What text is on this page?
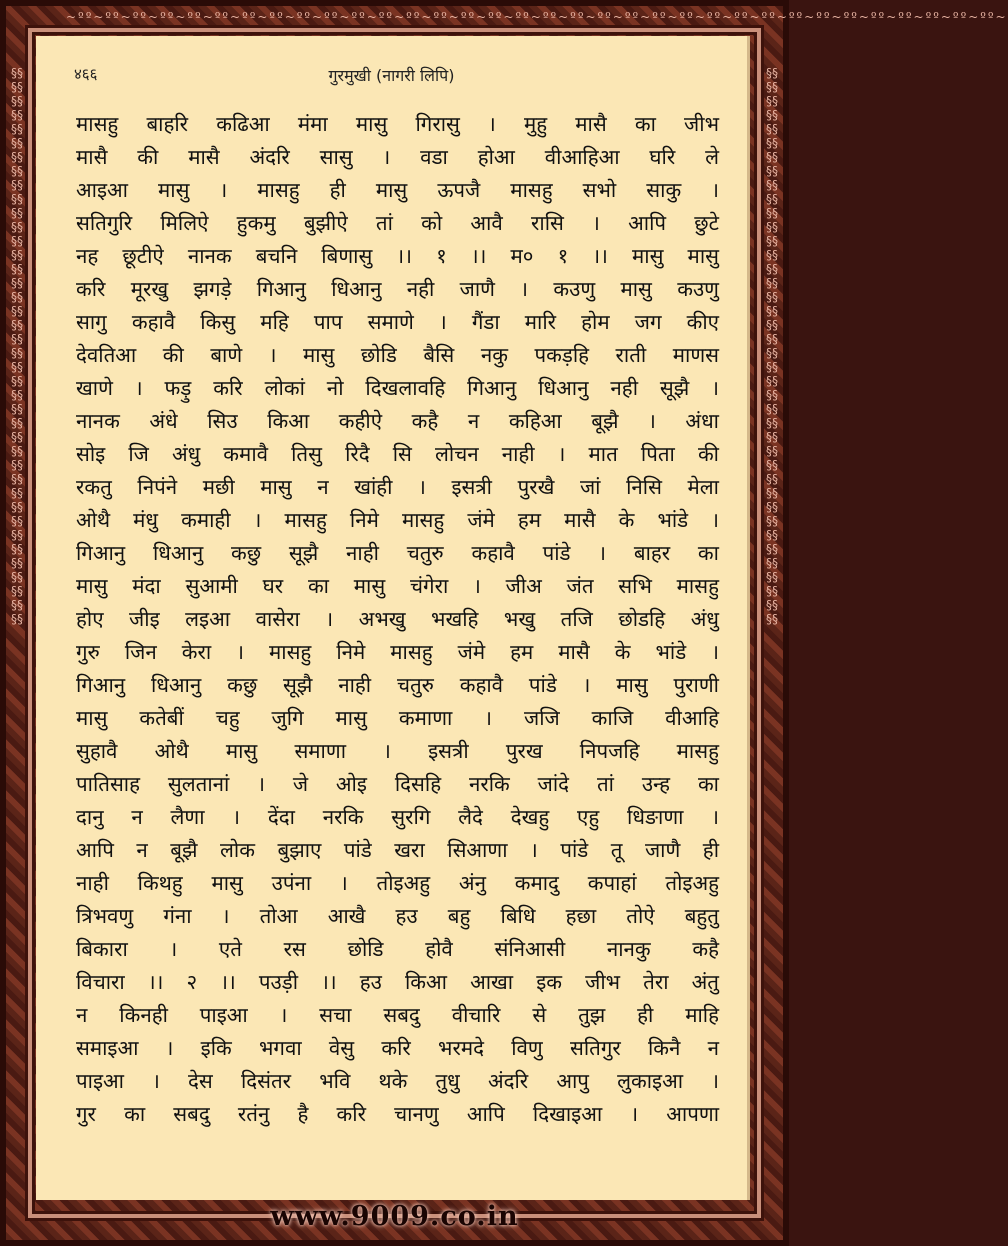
~ºº~ºº~ºº~ºº~ºº~ºº~ºº~ºº~ºº~ºº~ºº~ºº~ºº~ºº~ºº~ºº~ºº~ºº~ºº~ºº~ºº~ºº~ºº~ºº~ºº~ºº~ºº~ºº~ºº~ºº~ºº~ºº~ºº~ºº~
§§§§§§§§§§§§§§§§§§§§§§§§§§§§§§§§§§§§§§§§§§§§§§§§§§§§§§§§§§§§§§§§§§§§§§§§§§§§§§§§
§§§§§§§§§§§§§§§§§§§§§§§§§§§§§§§§§§§§§§§§§§§§§§§§§§§§§§§§§§§§§§§§§§§§§§§§§§§§§§§§
४६६	गुरमुखी (नागरी लिपि)
मासहु बाहरि कढिआ मंमा मासु गिरासु । मुहु मासै का जीभ
मासै की मासै अंदरि सासु । वडा होआ वीआहिआ घरि ले
आइआ मासु । मासहु ही मासु ऊपजै मासहु सभो साकु ।
सतिगुरि मिलिऐ हुकमु बुझीऐ तां को आवै रासि । आपि छुटे
नह छूटीऐ नानक बचनि बिणासु ।। १ ।। म० १ ।। मासु मासु
करि मूरखु झगड़े गिआनु धिआनु नही जाणै । कउणु मासु कउणु
सागु कहावै किसु महि पाप समाणे । गैंडा मारि होम जग कीए
देवतिआ की बाणे । मासु छोडि बैसि नकु पकड़हि राती माणस
खाणे । फड़ु करि लोकां नो दिखलावहि गिआनु धिआनु नही सूझै ।
नानक अंधे सिउ किआ कहीऐ कहै न कहिआ बूझै । अंधा
सोइ जि अंधु कमावै तिसु रिदै सि लोचन नाही । मात पिता की
रकतु निपंने मछी मासु न खांही । इसत्री पुरखै जां निसि मेला
ओथै मंधु कमाही । मासहु निमे मासहु जंमे हम मासै के भांडे ।
गिआनु धिआनु कछु सूझै नाही चतुरु कहावै पांडे । बाहर का
मासु मंदा सुआमी घर का मासु चंगेरा । जीअ जंत सभि मासहु
होए जीइ लइआ वासेरा । अभखु भखहि भखु तजि छोडहि अंधु
गुरु जिन केरा । मासहु निमे मासहु जंमे हम मासै के भांडे ।
गिआनु धिआनु कछु सूझै नाही चतुरु कहावै पांडे । मासु पुराणी
मासु कतेबीं चहु जुगि मासु कमाणा । जजि काजि वीआहि
सुहावै ओथै मासु समाणा । इसत्री पुरख निपजहि मासहु
पातिसाह सुलतानां । जे ओइ दिसहि नरकि जांदे तां उन्ह का
दानु न लैणा । देंदा नरकि सुरगि लैदे देखहु एहु धिङाणा ।
आपि न बूझै लोक बुझाए पांडे खरा सिआणा । पांडे तू जाणै ही
नाही किथहु मासु उपंना । तोइअहु अंनु कमादु कपाहां तोइअहु
त्रिभवणु गंना । तोआ आखै हउ बहु बिधि हछा तोऐ बहुतु
बिकारा । एते रस छोडि होवै संनिआसी नानकु कहै
विचारा ।। २ ।। पउड़ी ।। हउ किआ आखा इक जीभ तेरा अंतु
न किनही पाइआ । सचा सबदु वीचारि से तुझ ही माहि
समाइआ । इकि भगवा वेसु करि भरमदे विणु सतिगुर किनै न
पाइआ । देस दिसंतर भवि थके तुधु अंदरि आपु लुकाइआ ।
गुर का सबदु रतंनु है करि चानणु आपि दिखाइआ । आपणा
www.9009.co.in
